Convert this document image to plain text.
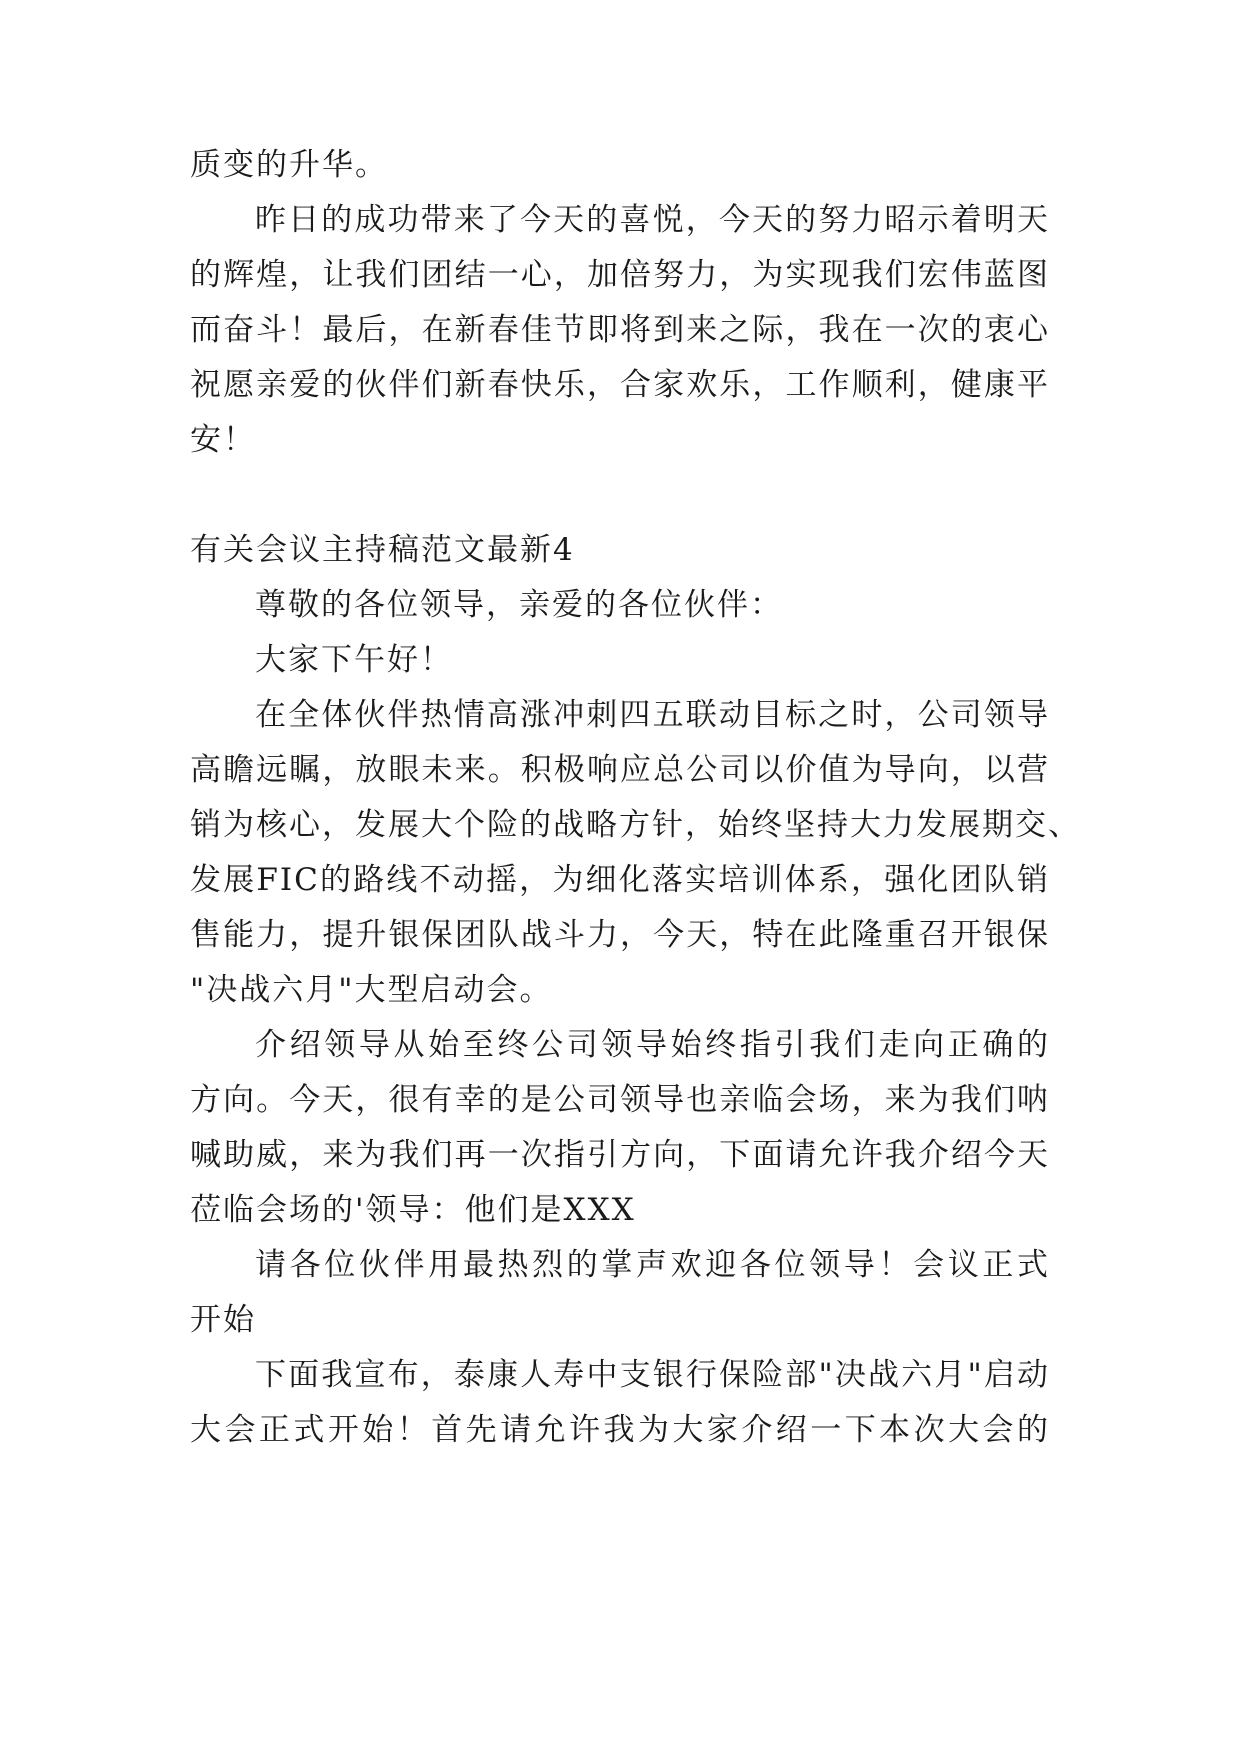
质变的升华。
昨日的成功带来了今天的喜悦，今天的努力昭示着明天
的辉煌，让我们团结一心，加倍努力，为实现我们宏伟蓝图
而奋斗！最后，在新春佳节即将到来之际，我在一次的衷心
祝愿亲爱的伙伴们新春快乐，合家欢乐，工作顺利，健康平
安！
有关会议主持稿范文最新4
尊敬的各位领导，亲爱的各位伙伴：
大家下午好！
在全体伙伴热情高涨冲刺四五联动目标之时，公司领导
高瞻远瞩，放眼未来。积极响应总公司以价值为导向，以营
销为核心，发展大个险的战略方针，始终坚持大力发展期交、
发展FIC的路线不动摇，为细化落实培训体系，强化团队销
售能力，提升银保团队战斗力，今天，特在此隆重召开银保
"决战六月"大型启动会。
介绍领导从始至终公司领导始终指引我们走向正确的
方向。今天，很有幸的是公司领导也亲临会场，来为我们呐
喊助威，来为我们再一次指引方向，下面请允许我介绍今天
莅临会场的'领导：他们是XXX
请各位伙伴用最热烈的掌声欢迎各位领导！会议正式
开始
下面我宣布，泰康人寿中支银行保险部"决战六月"启动
大会正式开始！首先请允许我为大家介绍一下本次大会的
